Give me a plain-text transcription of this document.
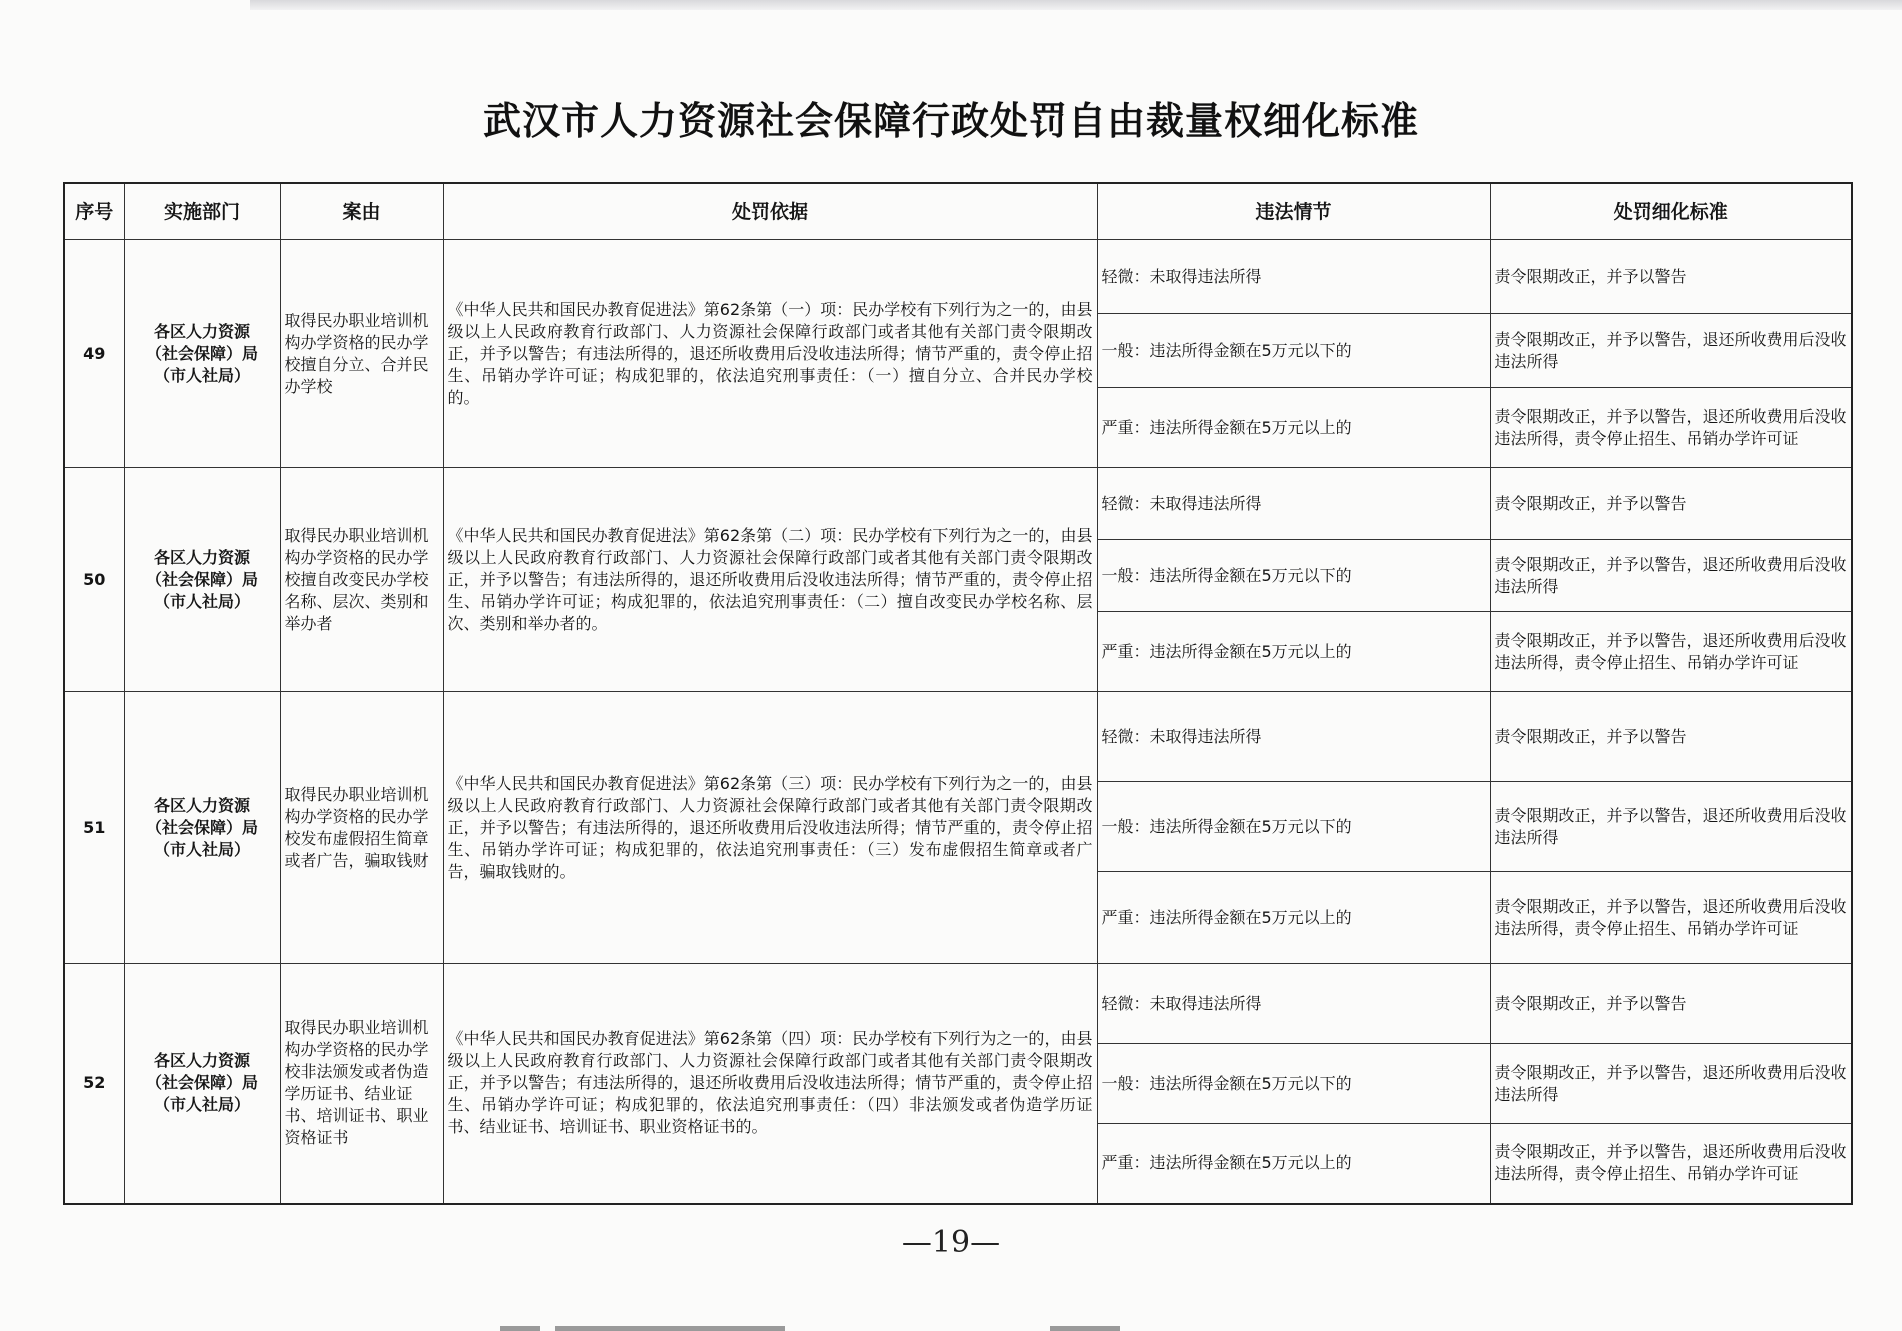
武汉市人力资源社会保障行政处罚自由裁量权细化标准
序号	实施部门	案由	处罚依据	违法情节	处罚细化标准
49	各区人力资源
（社会保障）局
（市人社局）	取得民办职业培训机构办学资格的民办学校擅自分立、合并民办学校	《中华人民共和国民办教育促进法》第62条第（一）项：民办学校有下列行为之一的，由县级以上人民政府教育行政部门、人力资源社会保障行政部门或者其他有关部门责令限期改正，并予以警告；有违法所得的，退还所收费用后没收违法所得；情节严重的，责令停止招生、吊销办学许可证；构成犯罪的，依法追究刑事责任：（一）擅自分立、合并民办学校的。	轻微：未取得违法所得	责令限期改正，并予以警告
				一般：违法所得金额在5万元以下的	责令限期改正，并予以警告，退还所收费用后没收违法所得
				严重：违法所得金额在5万元以上的	责令限期改正，并予以警告，退还所收费用后没收违法所得，责令停止招生、吊销办学许可证
50	各区人力资源
（社会保障）局
（市人社局）	取得民办职业培训机构办学资格的民办学校擅自改变民办学校名称、层次、类别和举办者	《中华人民共和国民办教育促进法》第62条第（二）项：民办学校有下列行为之一的，由县级以上人民政府教育行政部门、人力资源社会保障行政部门或者其他有关部门责令限期改正，并予以警告；有违法所得的，退还所收费用后没收违法所得；情节严重的，责令停止招生、吊销办学许可证；构成犯罪的，依法追究刑事责任：（二）擅自改变民办学校名称、层次、类别和举办者的。	轻微：未取得违法所得	责令限期改正，并予以警告
				一般：违法所得金额在5万元以下的	责令限期改正，并予以警告，退还所收费用后没收违法所得
				严重：违法所得金额在5万元以上的	责令限期改正，并予以警告，退还所收费用后没收违法所得，责令停止招生、吊销办学许可证
51	各区人力资源
（社会保障）局
（市人社局）	取得民办职业培训机构办学资格的民办学校发布虚假招生简章或者广告，骗取钱财	《中华人民共和国民办教育促进法》第62条第（三）项：民办学校有下列行为之一的，由县级以上人民政府教育行政部门、人力资源社会保障行政部门或者其他有关部门责令限期改正，并予以警告；有违法所得的，退还所收费用后没收违法所得；情节严重的，责令停止招生、吊销办学许可证；构成犯罪的，依法追究刑事责任：（三）发布虚假招生简章或者广告，骗取钱财的。	轻微：未取得违法所得	责令限期改正，并予以警告
				一般：违法所得金额在5万元以下的	责令限期改正，并予以警告，退还所收费用后没收违法所得
				严重：违法所得金额在5万元以上的	责令限期改正，并予以警告，退还所收费用后没收违法所得，责令停止招生、吊销办学许可证
52	各区人力资源
（社会保障）局
（市人社局）	取得民办职业培训机构办学资格的民办学校非法颁发或者伪造学历证书、结业证书、培训证书、职业资格证书	《中华人民共和国民办教育促进法》第62条第（四）项：民办学校有下列行为之一的，由县级以上人民政府教育行政部门、人力资源社会保障行政部门或者其他有关部门责令限期改正，并予以警告；有违法所得的，退还所收费用后没收违法所得；情节严重的，责令停止招生、吊销办学许可证；构成犯罪的，依法追究刑事责任：（四）非法颁发或者伪造学历证书、结业证书、培训证书、职业资格证书的。	轻微：未取得违法所得	责令限期改正，并予以警告
				一般：违法所得金额在5万元以下的	责令限期改正，并予以警告，退还所收费用后没收违法所得
				严重：违法所得金额在5万元以上的	责令限期改正，并予以警告，退还所收费用后没收违法所得，责令停止招生、吊销办学许可证
—19—
